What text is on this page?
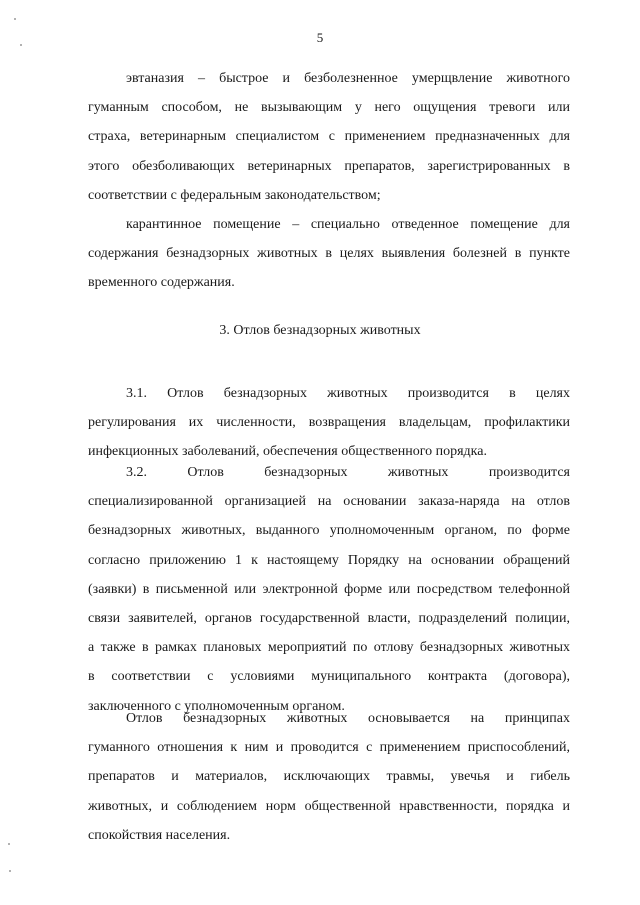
5
эвтаназия – быстрое и безболезненное умерщвление животного
гуманным способом, не вызывающим у него ощущения тревоги или
страха, ветеринарным специалистом с применением предназначенных для
этого обезболивающих ветеринарных препаратов, зарегистрированных в
соответствии с федеральным законодательством;
карантинное помещение – специально отведенное помещение для
содержания безнадзорных животных в целях выявления болезней в пункте
временного содержания.
3. Отлов безнадзорных животных
3.1. Отлов безнадзорных животных производится в целях
регулирования их численности, возвращения владельцам, профилактики
инфекционных заболеваний, обеспечения общественного порядка.
3.2. Отлов безнадзорных животных производится
специализированной организацией на основании заказа-наряда на отлов
безнадзорных животных, выданного уполномоченным органом, по форме
согласно приложению 1 к настоящему Порядку на основании обращений
(заявки) в письменной или электронной форме или посредством телефонной
связи заявителей, органов государственной власти, подразделений полиции,
а также в рамках плановых мероприятий по отлову безнадзорных животных
в соответствии с условиями муниципального контракта (договора),
заключенного с уполномоченным органом.
Отлов безнадзорных животных основывается на принципах
гуманного отношения к ним и проводится с применением приспособлений,
препаратов и материалов, исключающих травмы, увечья и гибель
животных, и соблюдением норм общественной нравственности, порядка и
спокойствия населения.
